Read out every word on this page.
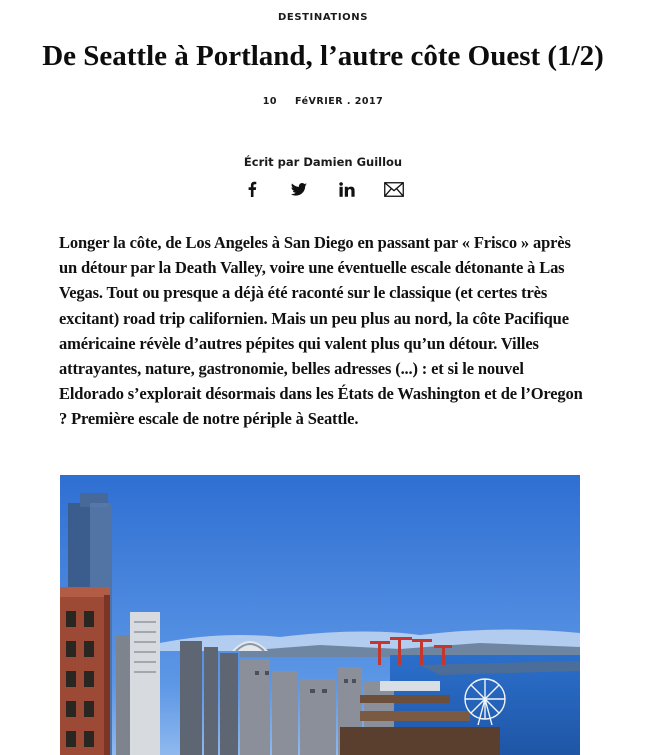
DESTINATIONS
De Seattle à Portland, l’autre côte Ouest (1/2)
10 FéVRIER . 2017
Écrit par Damien Guillou

Longer la côte, de Los Angeles à San Diego en passant par « Frisco » après un détour par la Death Valley, voire une éventuelle escale détonante à Las Vegas. Tout ou presque a déjà été raconté sur le classique (et certes très excitant) road trip californien. Mais un peu plus au nord, la côte Pacifique américaine révèle d’autres pépites qui valent plus qu’un détour. Villes attrayantes, nature, gastronomie, belles adresses (...) : et si le nouvel Eldorado s’explorait désormais dans les États de Washington et de l’Oregon ? Première escale de notre périple à Seattle.
